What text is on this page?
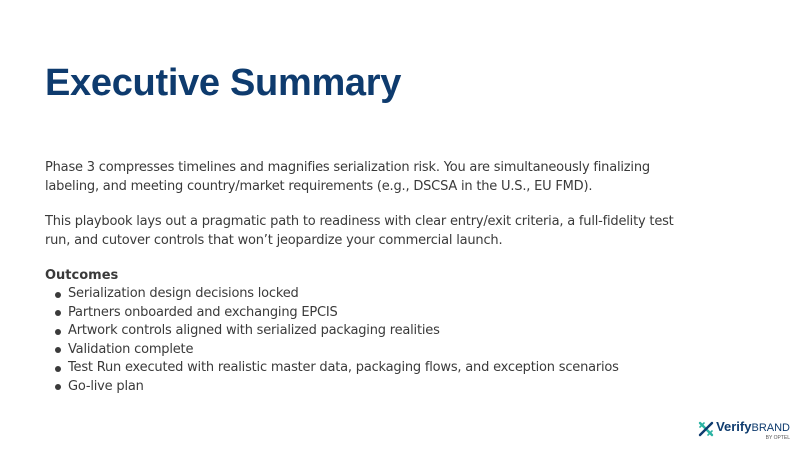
Executive Summary

Phase 3 compresses timelines and magnifies serialization risk. You are simultaneously finalizing labeling, and meeting country/market requirements (e.g., DSCSA in the U.S., EU FMD).

This playbook lays out a pragmatic path to readiness with clear entry/exit criteria, a full-fidelity test run, and cutover controls that won’t jeopardize your commercial launch.

Outcomes

Serialization design decisions locked
Partners onboarded and exchanging EPCIS
Artwork controls aligned with serialized packaging realities
Validation complete
Test Run executed with realistic master data, packaging flows, and exception scenarios
Go-live plan
VerifyBRAND
BY OPTEL
